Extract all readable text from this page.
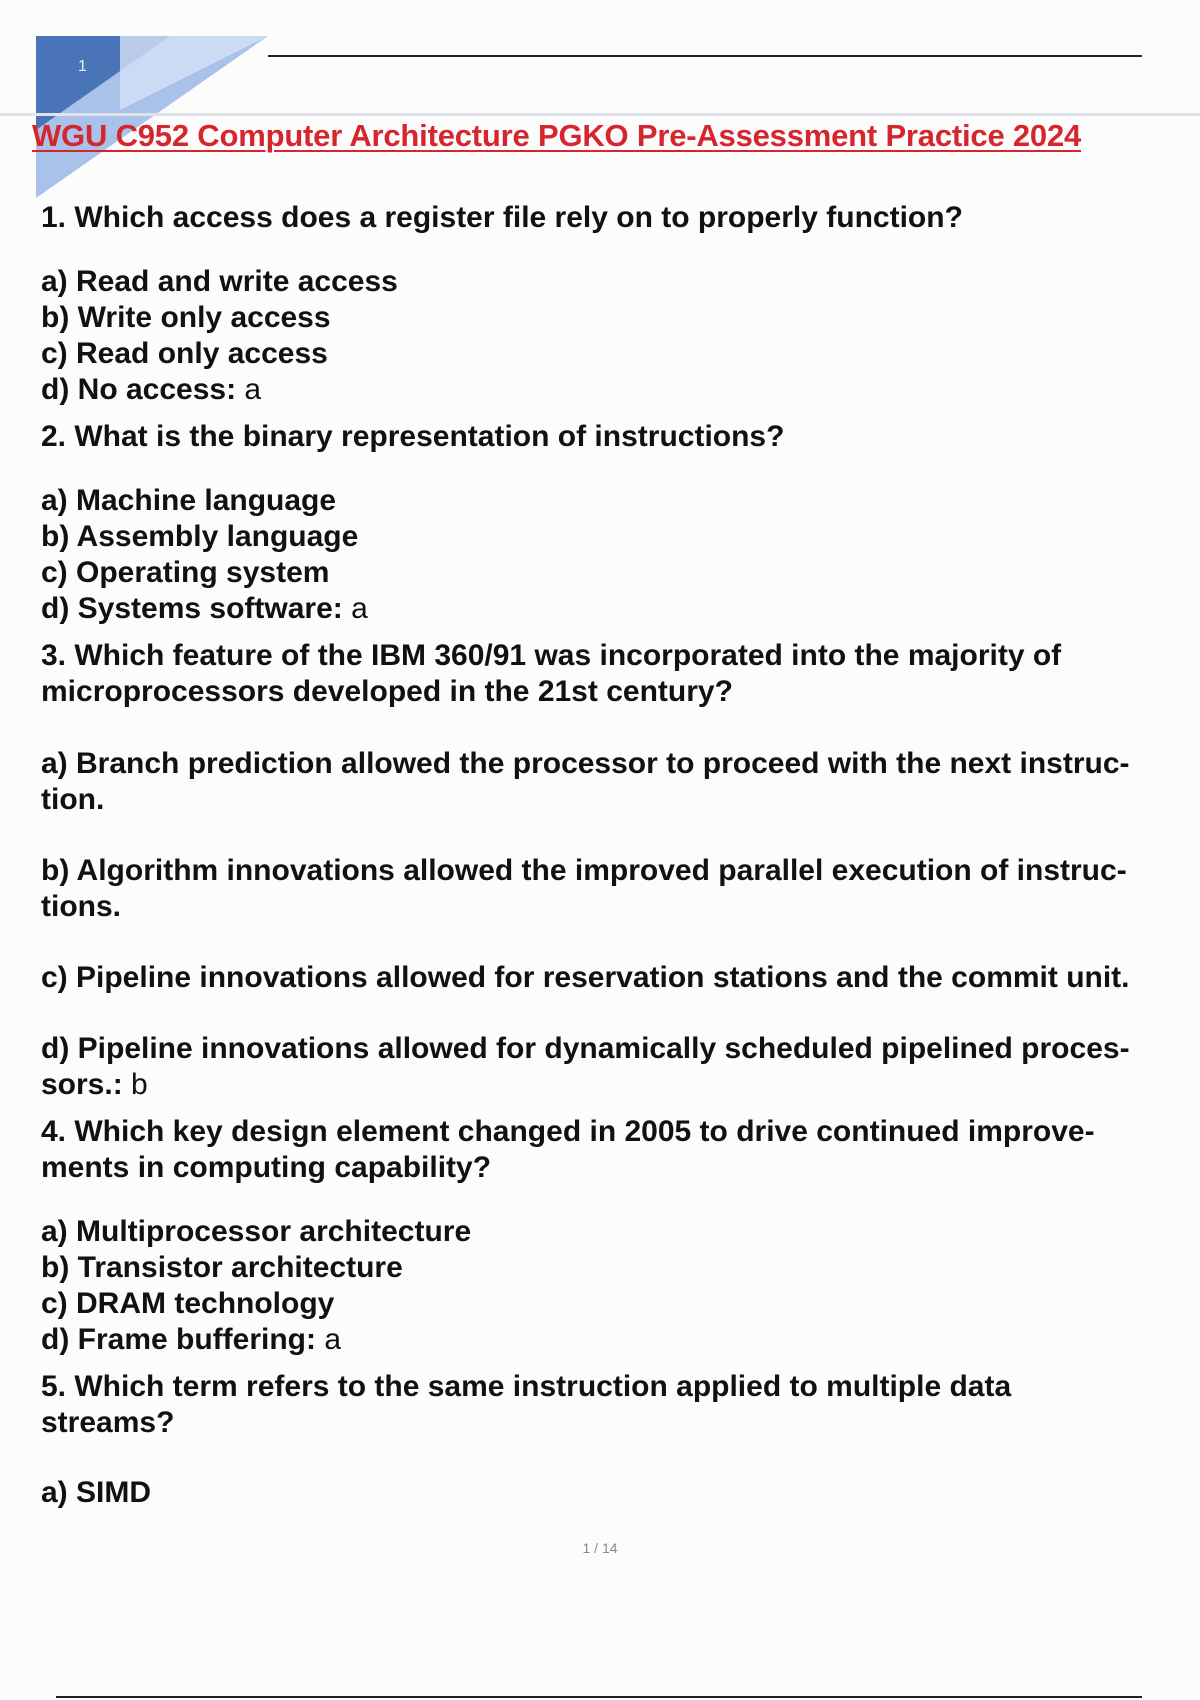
1
WGU C952 Computer Architecture PGKO Pre-Assessment Practice 2024

1. Which access does a register file rely on to properly function?

a) Read and write access

b) Write only access

c) Read only access

d) No access: a

2. What is the binary representation of instructions?

a) Machine language

b) Assembly language

c) Operating system

d) Systems software: a

3. Which feature of the IBM 360/91 was incorporated into the majority of

microprocessors developed in the 21st century?

a) Branch prediction allowed the processor to proceed with the next instruc-
tion.
b) Algorithm innovations allowed the improved parallel execution of instruc-
tions.
c) Pipeline innovations allowed for reservation stations and the commit unit.
d) Pipeline innovations allowed for dynamically scheduled pipelined proces-
sors.: b

4. Which key design element changed in 2005 to drive continued improve-

ments in computing capability?

a) Multiprocessor architecture

b) Transistor architecture

c) DRAM technology

d) Frame buffering: a

5. Which term refers to the same instruction applied to multiple data

streams?

a) SIMD

1 / 14
